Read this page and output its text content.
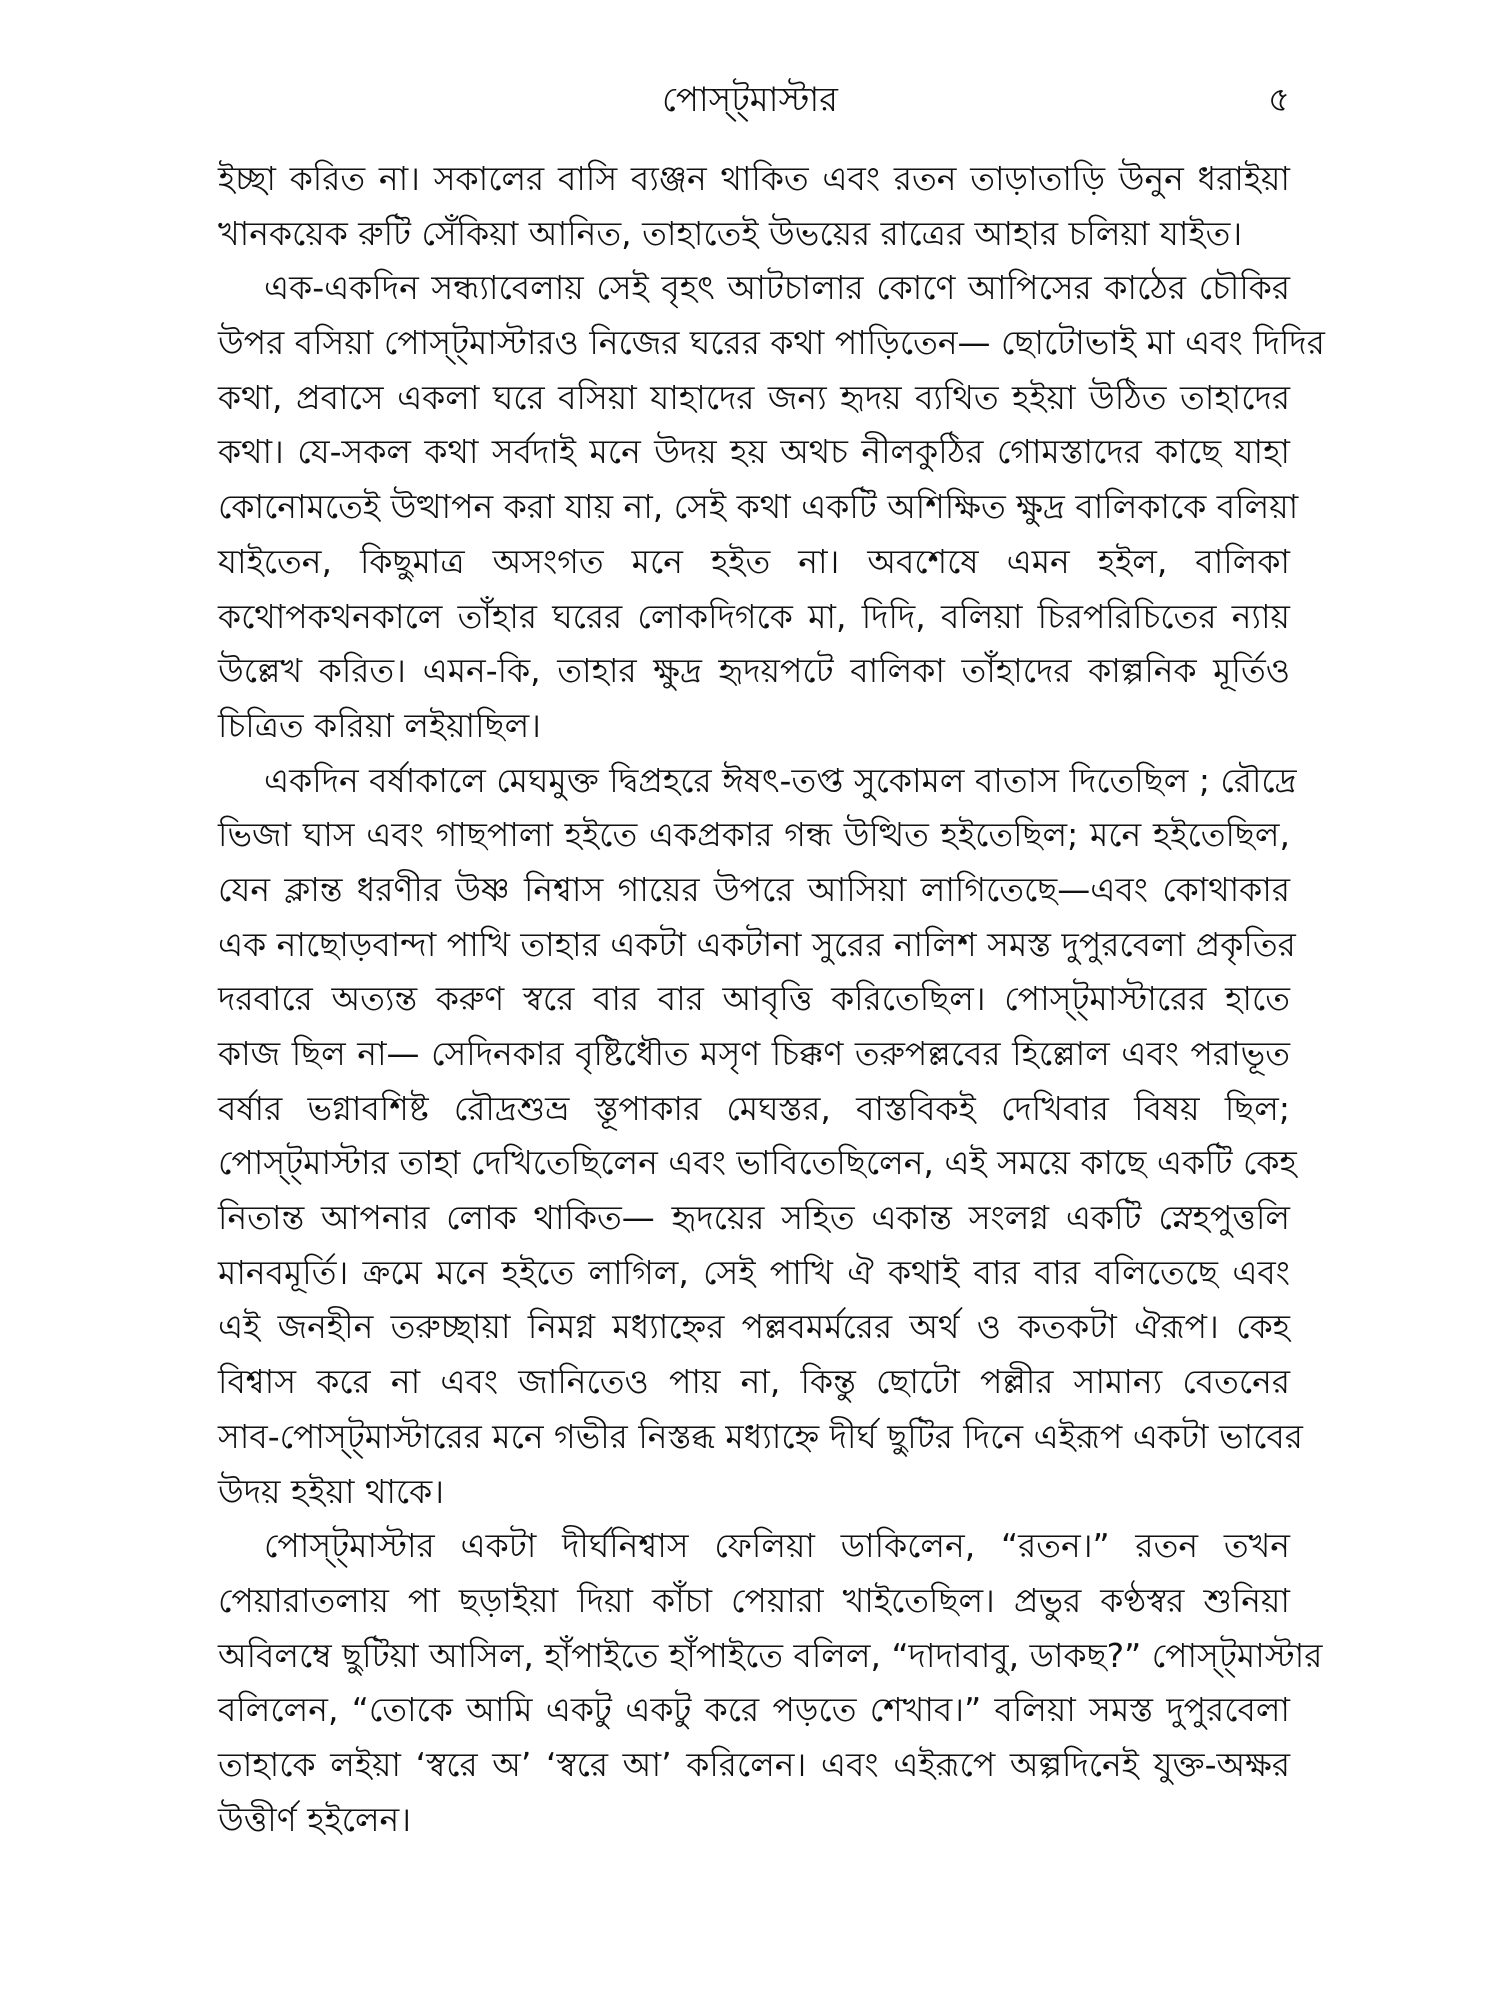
পোস্ট্‌মাস্টার	৫
ইচ্ছা করিত না। সকালের বাসি ব্যঞ্জন থাকিত এবং রতন তাড়াতাড়ি উনুন ধরাইয়া
খানকয়েক রুটি সেঁকিয়া আনিত, তাহাতেই উভয়ের রাত্রের আহার চলিয়া যাইত।
এক-একদিন সন্ধ্যাবেলায় সেই বৃহৎ আটচালার কোণে আপিসের কাঠের চৌকির
উপর বসিয়া পোস্ট্‌মাস্টারও নিজের ঘরের কথা পাড়িতেন— ছোটোভাই মা এবং দিদির
কথা, প্রবাসে একলা ঘরে বসিয়া যাহাদের জন্য হৃদয় ব্যথিত হইয়া উঠিত তাহাদের
কথা। যে-সকল কথা সর্বদাই মনে উদয় হয় অথচ নীলকুঠির গোমস্তাদের কাছে যাহা
কোনোমতেই উত্থাপন করা যায় না, সেই কথা একটি অশিক্ষিত ক্ষুদ্র বালিকাকে বলিয়া
যাইতেন, কিছুমাত্র অসংগত মনে হইত না। অবশেষে এমন হইল, বালিকা
কথোপকথনকালে তাঁহার ঘরের লোকদিগকে মা, দিদি, বলিয়া চিরপরিচিতের ন্যায়
উল্লেখ করিত। এমন-কি, তাহার ক্ষুদ্র হৃদয়পটে বালিকা তাঁহাদের কাল্পনিক মূর্তিও
চিত্রিত করিয়া লইয়াছিল।
একদিন বর্ষাকালে মেঘমুক্ত দ্বিপ্রহরে ঈষৎ-তপ্ত সুকোমল বাতাস দিতেছিল ; রৌদ্রে
ভিজা ঘাস এবং গাছপালা হইতে একপ্রকার গন্ধ উত্থিত হইতেছিল; মনে হইতেছিল,
যেন ক্লান্ত ধরণীর উষ্ণ নিশ্বাস গায়ের উপরে আসিয়া লাগিতেছে—এবং কোথাকার
এক নাছোড়বান্দা পাখি তাহার একটা একটানা সুরের নালিশ সমস্ত দুপুরবেলা প্রকৃতির
দরবারে অত্যন্ত করুণ স্বরে বার বার আবৃত্তি করিতেছিল। পোস্ট্‌মাস্টারের হাতে
কাজ ছিল না— সেদিনকার বৃষ্টিধৌত মসৃণ চিক্কণ তরুপল্লবের হিল্লোল এবং পরাভূত
বর্ষার ভগ্নাবশিষ্ট রৌদ্রশুভ্র স্তূপাকার মেঘস্তর, বাস্তবিকই দেখিবার বিষয় ছিল;
পোস্ট্‌মাস্টার তাহা দেখিতেছিলেন এবং ভাবিতেছিলেন, এই সময়ে কাছে একটি কেহ
নিতান্ত আপনার লোক থাকিত— হৃদয়ের সহিত একান্ত সংলগ্ন একটি স্নেহপুত্তলি
মানবমূর্তি। ক্রমে মনে হইতে লাগিল, সেই পাখি ঐ কথাই বার বার বলিতেছে এবং
এই জনহীন তরুচ্ছায়া নিমগ্ন মধ্যাহ্নের পল্লবমর্মরের অর্থ ও কতকটা ঐরূপ। কেহ
বিশ্বাস করে না এবং জানিতেও পায় না, কিন্তু ছোটো পল্লীর সামান্য বেতনের
সাব-পোস্ট্‌মাস্টারের মনে গভীর নিস্তব্ধ মধ্যাহ্নে দীর্ঘ ছুটির দিনে এইরূপ একটা ভাবের
উদয় হইয়া থাকে।
পোস্ট্‌মাস্টার একটা দীর্ঘনিশ্বাস ফেলিয়া ডাকিলেন, “রতন।” রতন তখন
পেয়ারাতলায় পা ছড়াইয়া দিয়া কাঁচা পেয়ারা খাইতেছিল। প্রভুর কণ্ঠস্বর শুনিয়া
অবিলম্বে ছুটিয়া আসিল, হাঁপাইতে হাঁপাইতে বলিল, “দাদাবাবু, ডাকছ?” পোস্ট্‌মাস্টার
বলিলেন, “তোকে আমি একটু একটু করে পড়তে শেখাব।” বলিয়া সমস্ত দুপুরবেলা
তাহাকে লইয়া ‘স্বরে অ’ ‘স্বরে আ’ করিলেন। এবং এইরূপে অল্পদিনেই যুক্ত-অক্ষর
উত্তীর্ণ হইলেন।
